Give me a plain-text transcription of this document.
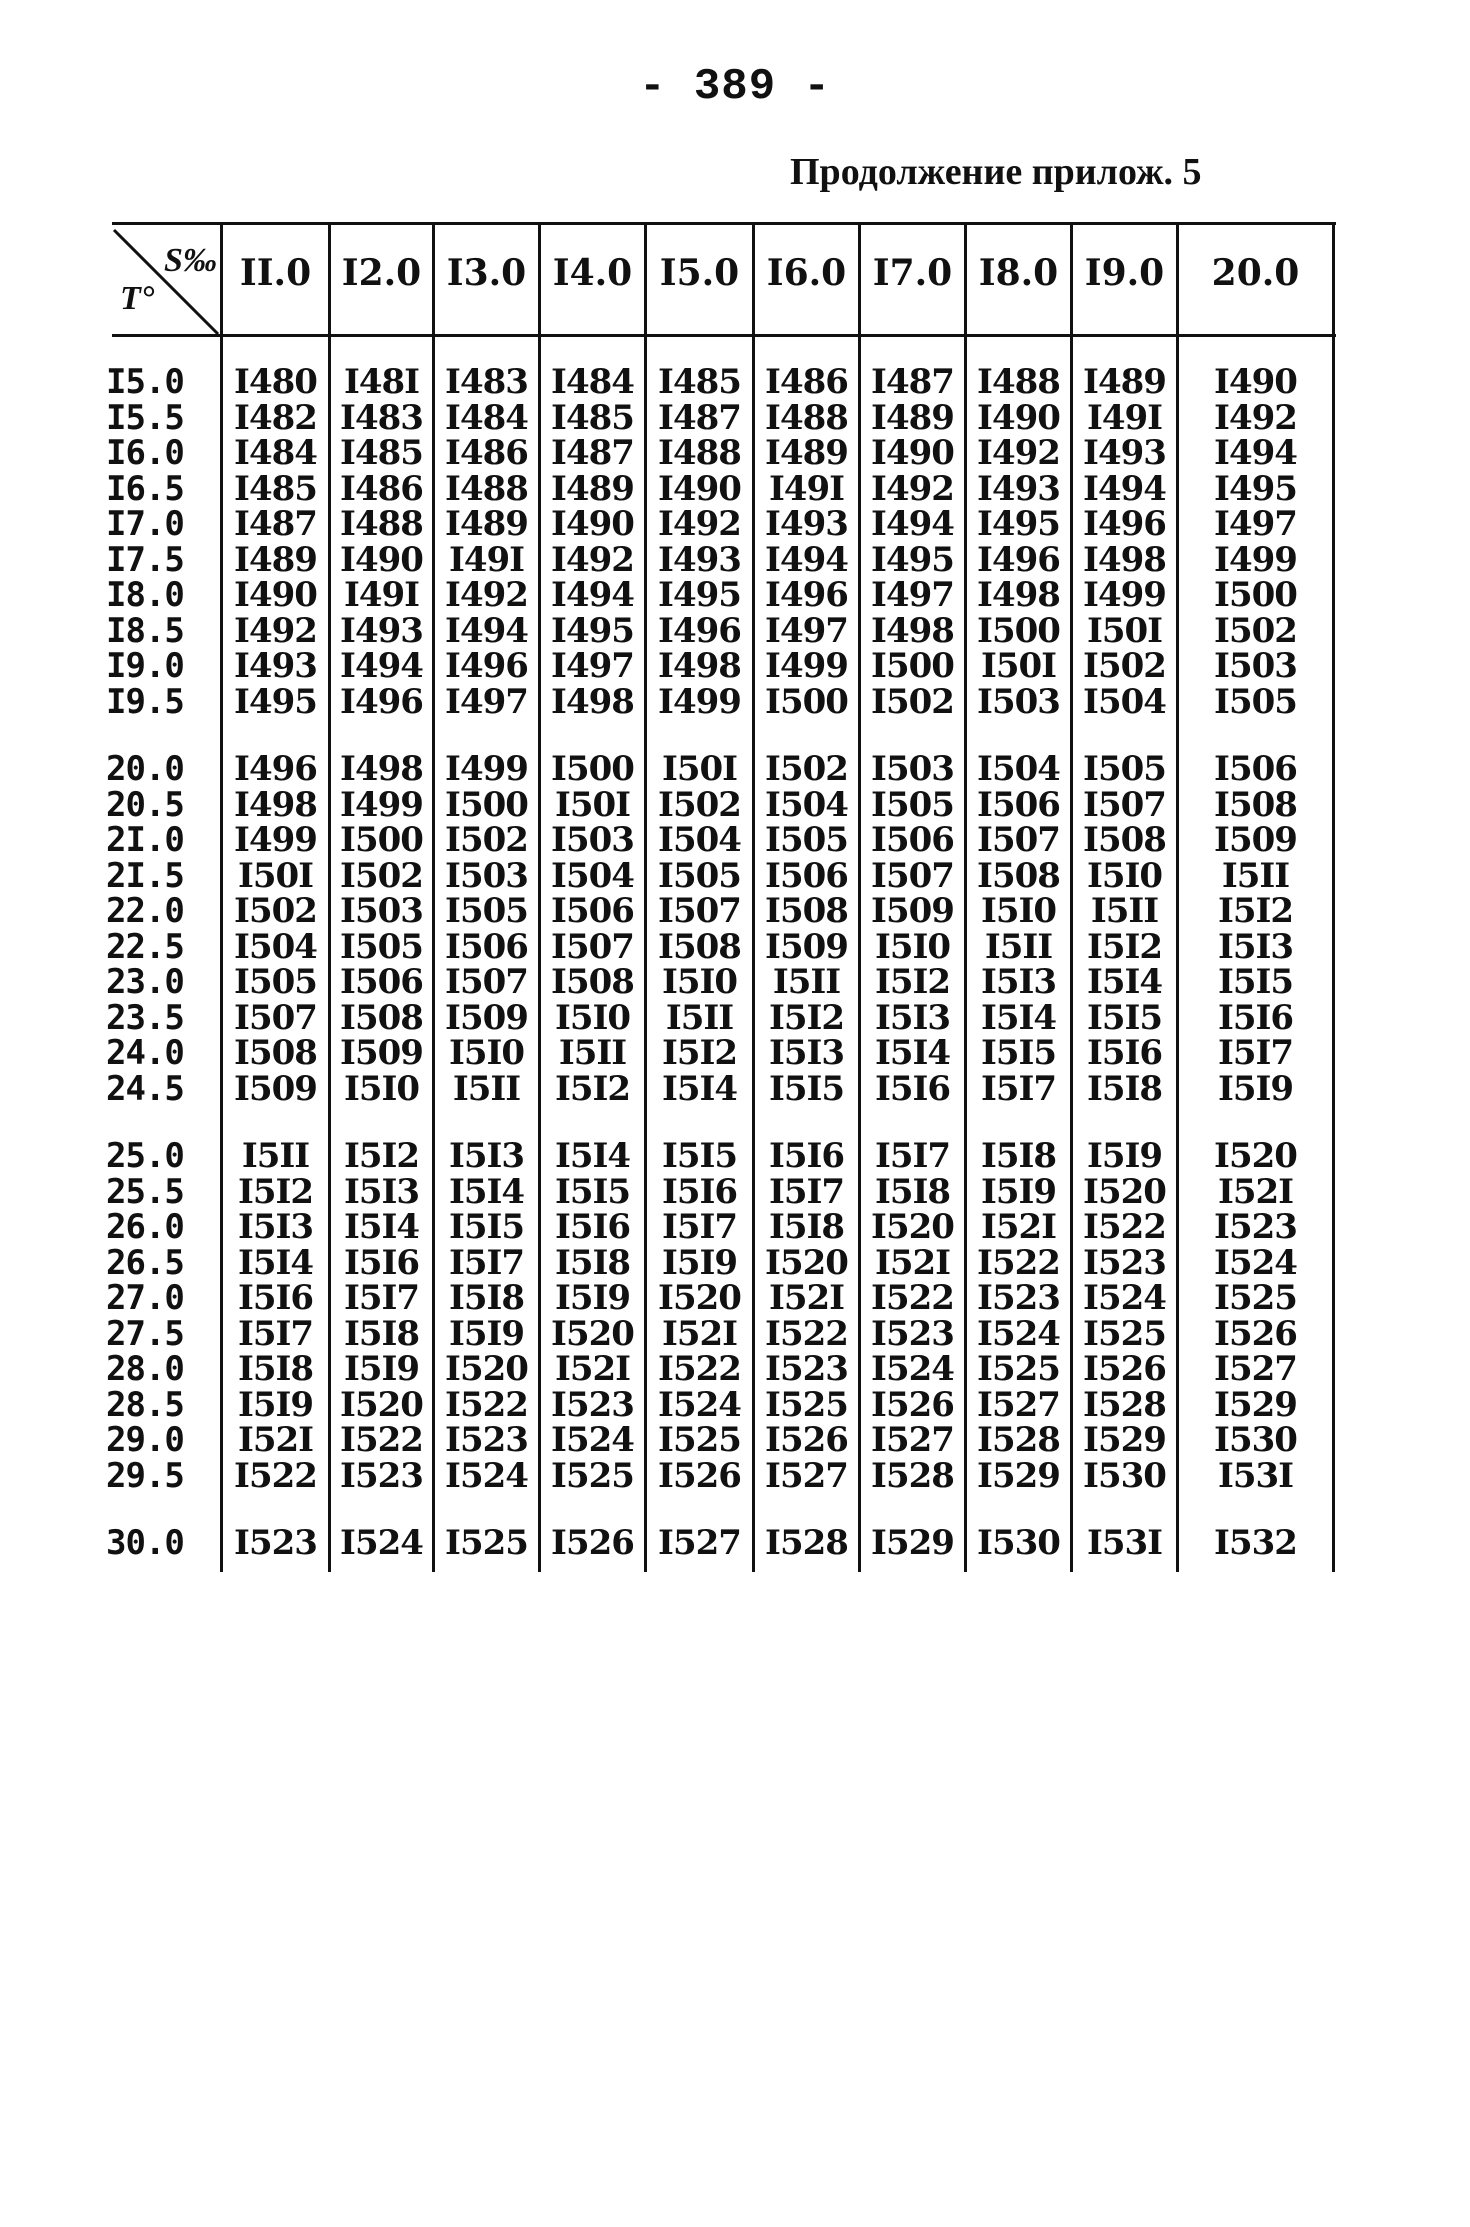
- 389 -
Продолжение прилож. 5
S‰
T°
II.0 I2.0 I3.0 I4.0 I5.0 I6.0 I7.0 I8.0 I9.0	20.0
I5.0	I480 I48I I483 I484 I485 I486 I487 I488 I489	I490
I5.5	I482 I483 I484 I485 I487 I488 I489 I490 I49I	I492
I6.0	I484 I485 I486 I487 I488 I489 I490 I492 I493	I494
I6.5	I485 I486 I488 I489 I490 I49I I492 I493 I494	I495
I7.0	I487 I488 I489 I490 I492 I493 I494 I495 I496	I497
I7.5	I489 I490 I49I I492 I493 I494 I495 I496 I498	I499
I8.0	I490 I49I I492 I494 I495 I496 I497 I498 I499	I500
I8.5	I492 I493 I494 I495 I496 I497 I498 I500 I50I	I502
I9.0	I493 I494 I496 I497 I498 I499 I500 I50I I502	I503
I9.5	I495 I496 I497 I498 I499 I500 I502 I503 I504	I505
20.0	I496 I498 I499 I500 I50I I502 I503 I504 I505	I506
20.5	I498 I499 I500 I50I I502 I504 I505 I506 I507	I508
2I.0	I499 I500 I502 I503 I504 I505 I506 I507 I508	I509
2I.5	I50I I502 I503 I504 I505 I506 I507 I508 I5I0	I5II
22.0	I502 I503 I505 I506 I507 I508 I509 I5I0	I5II	I5I2
22.5	I504 I505 I506 I507 I508 I509 I5I0	I5II	I5I2	I5I3
23.0	I505 I506 I507 I508 I5I0	I5II	I5I2 I5I3 I5I4	I5I5
23.5	I507 I508 I509 I5I0	I5II	I5I2 I5I3 I5I4 I5I5	I5I6
24.0	I508 I509 I5I0	I5II	I5I2 I5I3 I5I4 I5I5 I5I6	I5I7
24.5	I509 I5I0 I5II	I5I2 I5I4 I5I5 I5I6 I5I7 I5I8	I5I9
25.0	I5II	I5I2 I5I3 I5I4 I5I5 I5I6 I5I7 I5I8 I5I9	I520
25.5	I5I2 I5I3 I5I4 I5I5 I5I6 I5I7 I5I8 I5I9 I520	I52I
26.0	I5I3 I5I4 I5I5 I5I6 I5I7 I5I8 I520 I52I I522	I523
26.5	I5I4 I5I6 I5I7 I5I8 I5I9 I520 I52I I522 I523	I524
27.0	I5I6 I5I7 I5I8 I5I9 I520 I52I I522 I523 I524	I525
27.5	I5I7 I5I8 I5I9 I520 I52I I522 I523 I524 I525	I526
28.0	I5I8 I5I9 I520 I52I I522 I523 I524 I525 I526	I527
28.5	I5I9 I520 I522 I523 I524 I525 I526 I527 I528	I529
29.0	I52I I522 I523 I524 I525 I526 I527 I528 I529	I530
29.5	I522 I523 I524 I525 I526 I527 I528 I529 I530	I53I
30.0	I523 I524 I525 I526 I527 I528 I529 I530 I53I	I532
